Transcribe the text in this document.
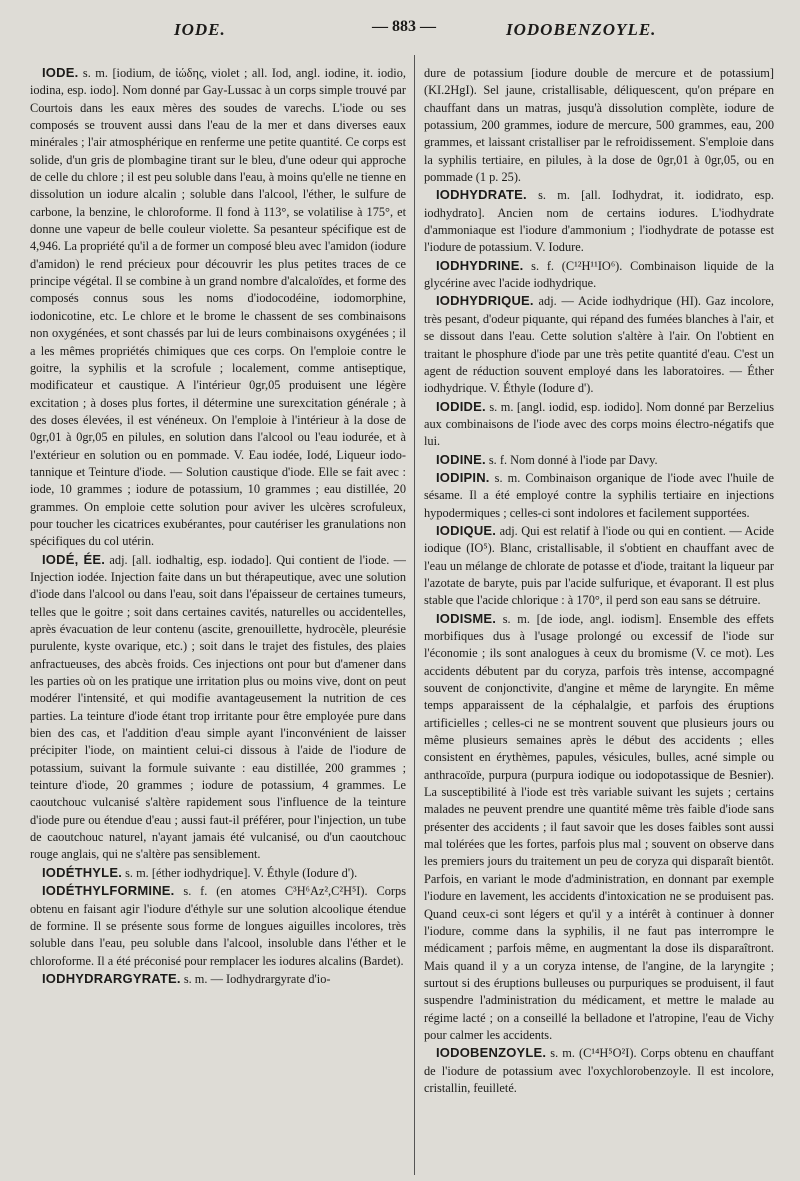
IODE.	— 883 —	IODOBENZOYLE.

IODE. s. m. [iodium, de ἰώδης, violet ; all. Iod, angl. iodine, it. iodio, iodina, esp. iodo]. Nom donné par Gay-Lussac à un corps simple trouvé par Courtois dans les eaux mères des soudes de varechs. L'iode ou ses composés se trouvent aussi dans l'eau de la mer et dans diverses eaux minérales ; l'air atmosphérique en renferme une petite quantité. Ce corps est solide, d'un gris de plombagine tirant sur le bleu, d'une odeur qui approche de celle du chlore ; il est peu soluble dans l'eau, à moins qu'elle ne tienne en dissolution un iodure alcalin ; soluble dans l'alcool, l'éther, le sulfure de carbone, la benzine, le chloroforme. Il fond à 113°, se volatilise à 175°, et donne une vapeur de belle couleur violette. Sa pesanteur spécifique est de 4,946. La propriété qu'il a de former un composé bleu avec l'amidon (iodure d'amidon) le rend précieux pour découvrir les plus petites traces de ce principe végétal. Il se combine à un grand nombre d'alcaloïdes, et forme des composés connus sous les noms d'iodocodéine, iodomorphine, iodonicotine, etc. Le chlore et le brome le chassent de ses combinaisons non oxygénées, et sont chassés par lui de leurs combinaisons oxygénées ; il a les mêmes propriétés chimiques que ces corps. On l'emploie contre le goitre, la syphilis et la scrofule ; localement, comme antiseptique, modificateur et caustique. A l'intérieur 0gr,05 produisent une légère excitation ; à doses plus fortes, il détermine une surexcitation générale ; à des doses élevées, il est vénéneux. On l'emploie à l'intérieur à la dose de 0gr,01 à 0gr,05 en pilules, en solution dans l'alcool ou l'eau iodurée, et à l'extérieur en solution ou en pommade. V. Eau iodée, Iodé, Liqueur iodo-tannique et Teinture d'iode. — Solution caustique d'iode. Elle se fait avec : iode, 10 grammes ; iodure de potassium, 10 grammes ; eau distillée, 20 grammes. On emploie cette solution pour aviver les ulcères scrofuleux, pour toucher les cicatrices exubérantes, pour cautériser les granulations non spécifiques du col utérin.

IODÉ, ÉE. adj. [all. iodhaltig, esp. iodado]. Qui contient de l'iode. — Injection iodée. Injection faite dans un but thérapeutique, avec une solution d'iode dans l'alcool ou dans l'eau, soit dans l'épaisseur de certaines tumeurs, telles que le goitre ; soit dans certaines cavités, naturelles ou accidentelles, après évacuation de leur contenu (ascite, grenouillette, hydrocèle, pleurésie purulente, kyste ovarique, etc.) ; soit dans le trajet des fistules, des plaies anfractueuses, des abcès froids. Ces injections ont pour but d'amener dans les parties où on les pratique une irritation plus ou moins vive, dont on peut modérer l'intensité, et qui modifie avantageusement la nutrition de ces parties. La teinture d'iode étant trop irritante pour être employée pure dans bien des cas, et l'addition d'eau simple ayant l'inconvénient de laisser précipiter l'iode, on maintient celui-ci dissous à l'aide de l'iodure de potassium, suivant la formule suivante : eau distillée, 200 grammes ; teinture d'iode, 20 grammes ; iodure de potassium, 4 grammes. Le caoutchouc vulcanisé s'altère rapidement sous l'influence de la teinture d'iode pure ou étendue d'eau ; aussi faut-il préférer, pour l'injection, un tube de caoutchouc naturel, n'ayant jamais été vulcanisé, ou d'un caoutchouc rouge anglais, qui ne s'altère pas sensiblement.

IODÉTHYLE. s. m. [éther iodhydrique]. V. Éthyle (Iodure d').

IODÉTHYLFORMINE. s. f. (en atomes C³H⁶Az²,C²H⁵I). Corps obtenu en faisant agir l'iodure d'éthyle sur une solution alcoolique étendue de formine. Il se présente sous forme de longues aiguilles incolores, très soluble dans l'eau, peu soluble dans l'alcool, insoluble dans l'éther et le chloroforme. Il a été préconisé pour remplacer les iodures alcalins (Bardet).

IODHYDRARGYRATE. s. m. — Iodhydrargyrate d'io-

dure de potassium [iodure double de mercure et de potassium] (KI.2HgI). Sel jaune, cristallisable, déliquescent, qu'on prépare en chauffant dans un matras, jusqu'à dissolution complète, iodure de potassium, 200 grammes, iodure de mercure, 500 grammes, eau, 200 grammes, et laissant cristalliser par le refroidissement. S'emploie dans la syphilis tertiaire, en pilules, à la dose de 0gr,01 à 0gr,05, ou en pommade (1 p. 25).

IODHYDRATE. s. m. [all. Iodhydrat, it. iodidrato, esp. iodhydrato]. Ancien nom de certains iodures. L'iodhydrate d'ammoniaque est l'iodure d'ammonium ; l'iodhydrate de potasse est l'iodure de potassium. V. Iodure.

IODHYDRINE. s. f. (C¹²H¹¹IO⁶). Combinaison liquide de la glycérine avec l'acide iodhydrique.

IODHYDRIQUE. adj. — Acide iodhydrique (HI). Gaz incolore, très pesant, d'odeur piquante, qui répand des fumées blanches à l'air, et se dissout dans l'eau. Cette solution s'altère à l'air. On l'obtient en traitant le phosphure d'iode par une très petite quantité d'eau. C'est un agent de réduction souvent employé dans les laboratoires. — Éther iodhydrique. V. Éthyle (Iodure d').

IODIDE. s. m. [angl. iodid, esp. iodido]. Nom donné par Berzelius aux combinaisons de l'iode avec des corps moins électro-négatifs que lui.

IODINE. s. f. Nom donné à l'iode par Davy.

IODIPIN. s. m. Combinaison organique de l'iode avec l'huile de sésame. Il a été employé contre la syphilis tertiaire en injections hypodermiques ; celles-ci sont indolores et facilement supportées.

IODIQUE. adj. Qui est relatif à l'iode ou qui en contient. — Acide iodique (IO⁵). Blanc, cristallisable, il s'obtient en chauffant avec de l'eau un mélange de chlorate de potasse et d'iode, traitant la liqueur par l'azotate de baryte, puis par l'acide sulfurique, et évaporant. Il est plus stable que l'acide chlorique : à 170°, il perd son eau sans se détruire.

IODISME. s. m. [de iode, angl. iodism]. Ensemble des effets morbifiques dus à l'usage prolongé ou excessif de l'iode sur l'économie ; ils sont analogues à ceux du bromisme (V. ce mot). Les accidents débutent par du coryza, parfois très intense, accompagné souvent de conjonctivite, d'angine et même de laryngite. En même temps apparaissent de la céphalalgie, et parfois des éruptions artificielles ; celles-ci ne se montrent souvent que plusieurs jours ou même plusieurs semaines après le début des accidents ; elles consistent en érythèmes, papules, vésicules, bulles, acné simple ou anthracoïde, purpura (purpura iodique ou iodopotassique de Besnier). La susceptibilité à l'iode est très variable suivant les sujets ; certains malades ne peuvent prendre une quantité même très faible d'iode sans présenter des accidents ; il faut savoir que les doses faibles sont aussi mal tolérées que les fortes, parfois plus mal ; souvent on observe dans les premiers jours du traitement un peu de coryza qui disparaît bientôt. Parfois, en variant le mode d'administration, en donnant par exemple l'iodure en lavement, les accidents d'intoxication ne se produisent pas. Quand ceux-ci sont légers et qu'il y a intérêt à continuer à donner l'iodure, comme dans la syphilis, il ne faut pas interrompre le médicament ; parfois même, en augmentant la dose ils disparaîtront. Mais quand il y a un coryza intense, de l'angine, de la laryngite ; surtout si des éruptions bulleuses ou purpuriques se produisent, il faut suspendre l'administration du médicament, et mettre le malade au régime lacté ; on a conseillé la belladone et l'atropine, l'eau de Vichy pour calmer les accidents.

IODOBENZOYLE. s. m. (C¹⁴H⁵O²I). Corps obtenu en chauffant de l'iodure de potassium avec l'oxychlorobenzoyle. Il est incolore, cristallin, feuilleté.
